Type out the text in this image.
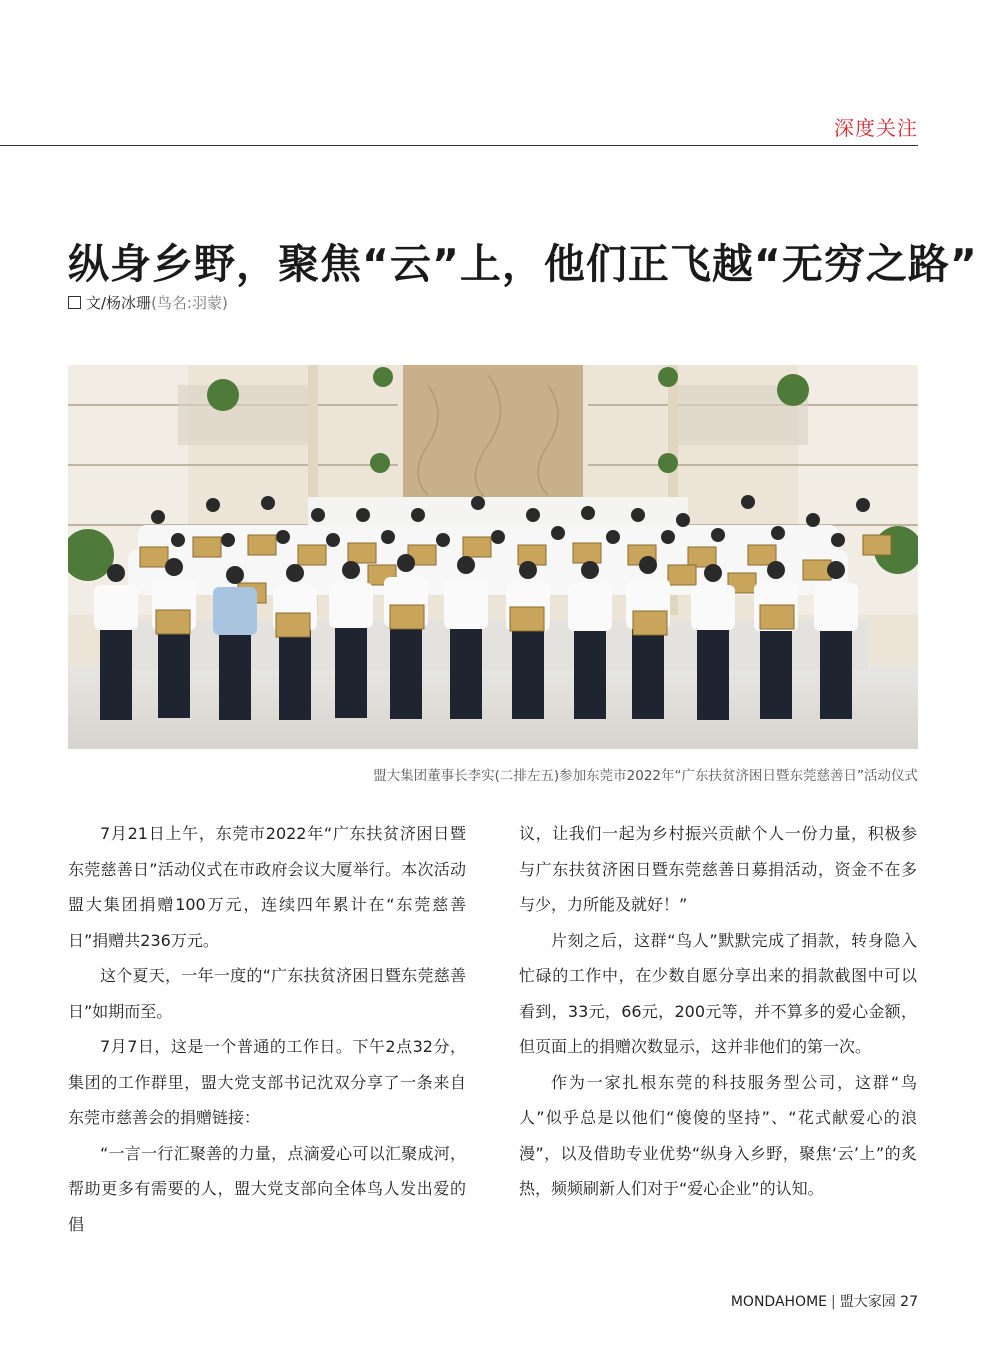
深度关注
纵身乡野，聚焦“云”上，他们正飞越“无穷之路”
文/杨冰珊 (鸟名:羽蒙)
盟大集团董事长李实(二排左五)参加东莞市2022年“广东扶贫济困日暨东莞慈善日”活动仪式

7月21日上午，东莞市2022年“广东扶贫济困日暨东莞慈善日”活动仪式在市政府会议大厦举行。本次活动盟大集团捐赠100万元，连续四年累计在“东莞慈善日”捐赠共236万元。

这个夏天，一年一度的“广东扶贫济困日暨东莞慈善日”如期而至。

7月7日，这是一个普通的工作日。下午2点32分，集团的工作群里，盟大党支部书记沈双分享了一条来自东莞市慈善会的捐赠链接：

“一言一行汇聚善的力量，点滴爱心可以汇聚成河，帮助更多有需要的人，盟大党支部向全体鸟人发出爱的倡

议，让我们一起为乡村振兴贡献个人一份力量，积极参与广东扶贫济困日暨东莞慈善日募捐活动，资金不在多与少，力所能及就好！”

片刻之后，这群“鸟人”默默完成了捐款，转身隐入忙碌的工作中，在少数自愿分享出来的捐款截图中可以看到，33元，66元，200元等，并不算多的爱心金额，但页面上的捐赠次数显示，这并非他们的第一次。

作为一家扎根东莞的科技服务型公司，这群“鸟人”似乎总是以他们“傻傻的坚持”、“花式献爱心的浪漫”，以及借助专业优势“纵身入乡野，聚焦‘云’上”的炙热，频频刷新人们对于“爱心企业”的认知。

MONDAHOME | 盟大家园 27
